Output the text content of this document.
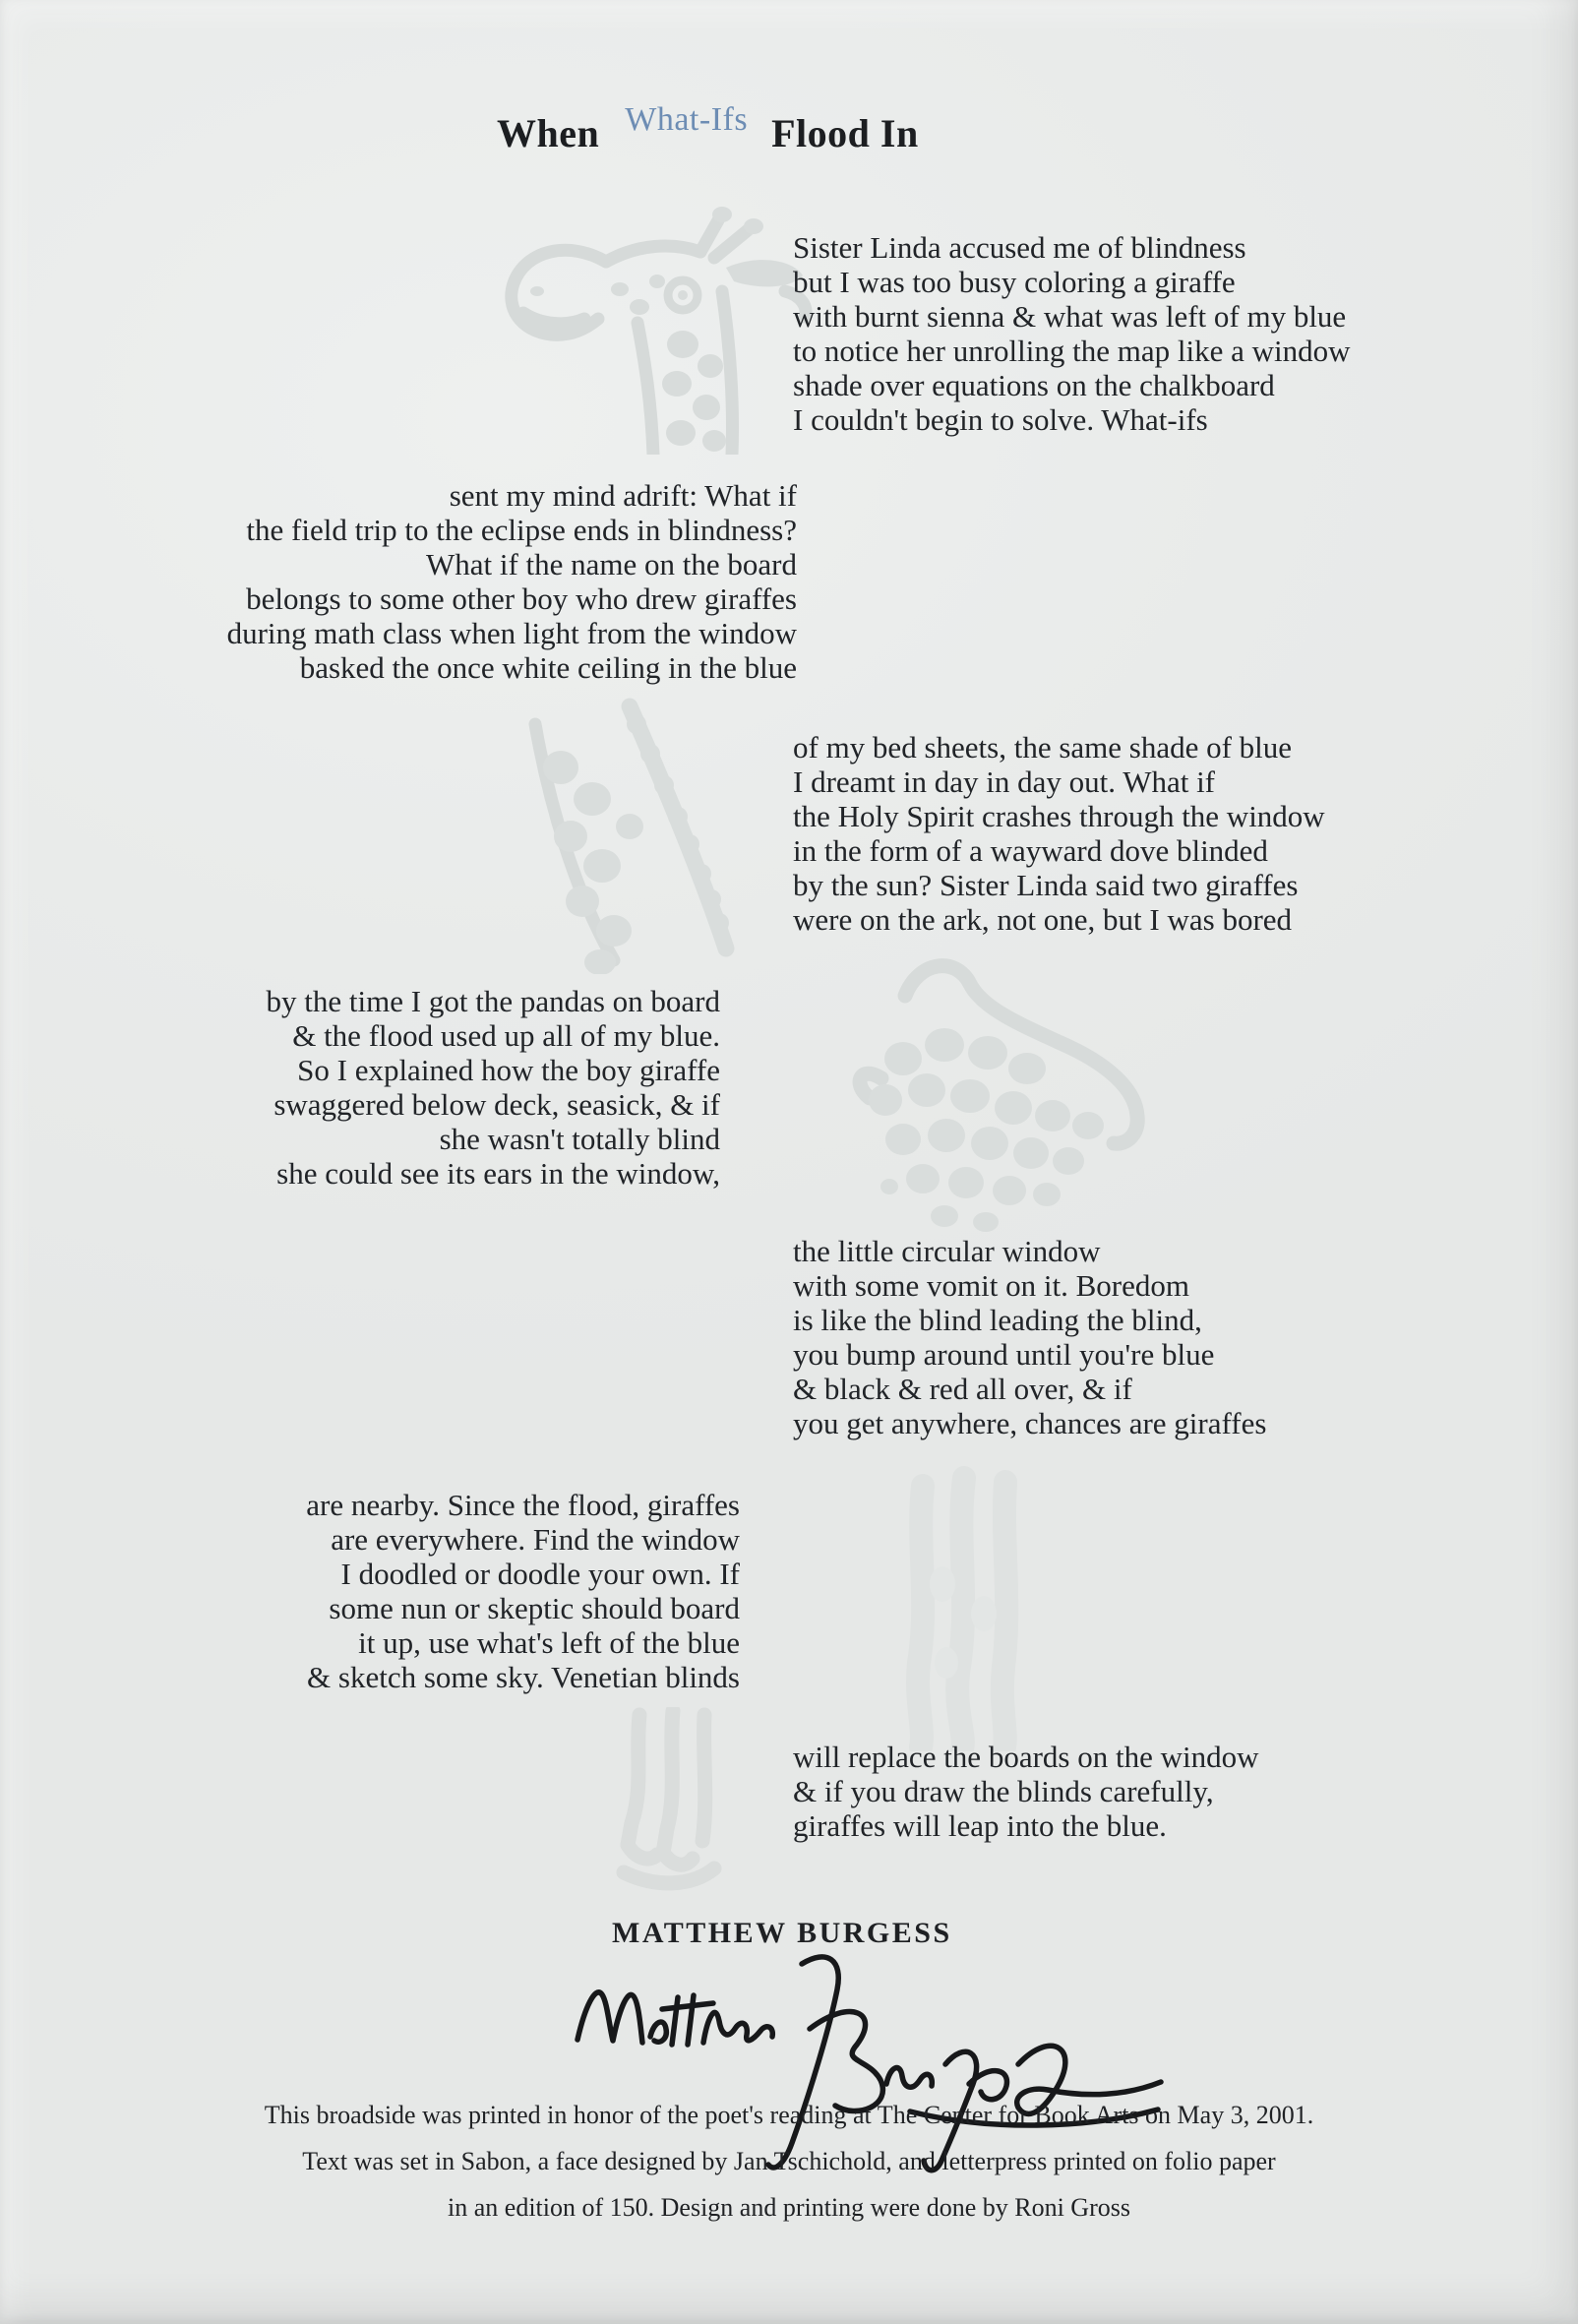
When What-Ifs Flood In
Sister Linda accused me of blindness
but I was too busy coloring a giraffe
with burnt sienna & what was left of my blue
to notice her unrolling the map like a window
shade over equations on the chalkboard
I couldn't begin to solve. What-ifs
sent my mind adrift: What if
the field trip to the eclipse ends in blindness?
What if the name on the board
belongs to some other boy who drew giraffes
during math class when light from the window
basked the once white ceiling in the blue
of my bed sheets, the same shade of blue
I dreamt in day in day out. What if
the Holy Spirit crashes through the window
in the form of a wayward dove blinded
by the sun? Sister Linda said two giraffes
were on the ark, not one, but I was bored
by the time I got the pandas on board
& the flood used up all of my blue.
So I explained how the boy giraffe
swaggered below deck, seasick, & if
she wasn't totally blind
she could see its ears in the window,
the little circular window
with some vomit on it. Boredom
is like the blind leading the blind,
you bump around until you're blue
& black & red all over, & if
you get anywhere, chances are giraffes
are nearby. Since the flood, giraffes
are everywhere. Find the window
I doodled or doodle your own. If
some nun or skeptic should board
it up, use what's left of the blue
& sketch some sky. Venetian blinds
will replace the boards on the window
& if you draw the blinds carefully,
giraffes will leap into the blue.
MATTHEW BURGESS
This broadside was printed in honor of the poet's reading at The Center for Book Arts on May 3, 2001.
Text was set in Sabon, a face designed by Jan Tschichold, and letterpress printed on folio paper
in an edition of 150. Design and printing were done by Roni Gross
